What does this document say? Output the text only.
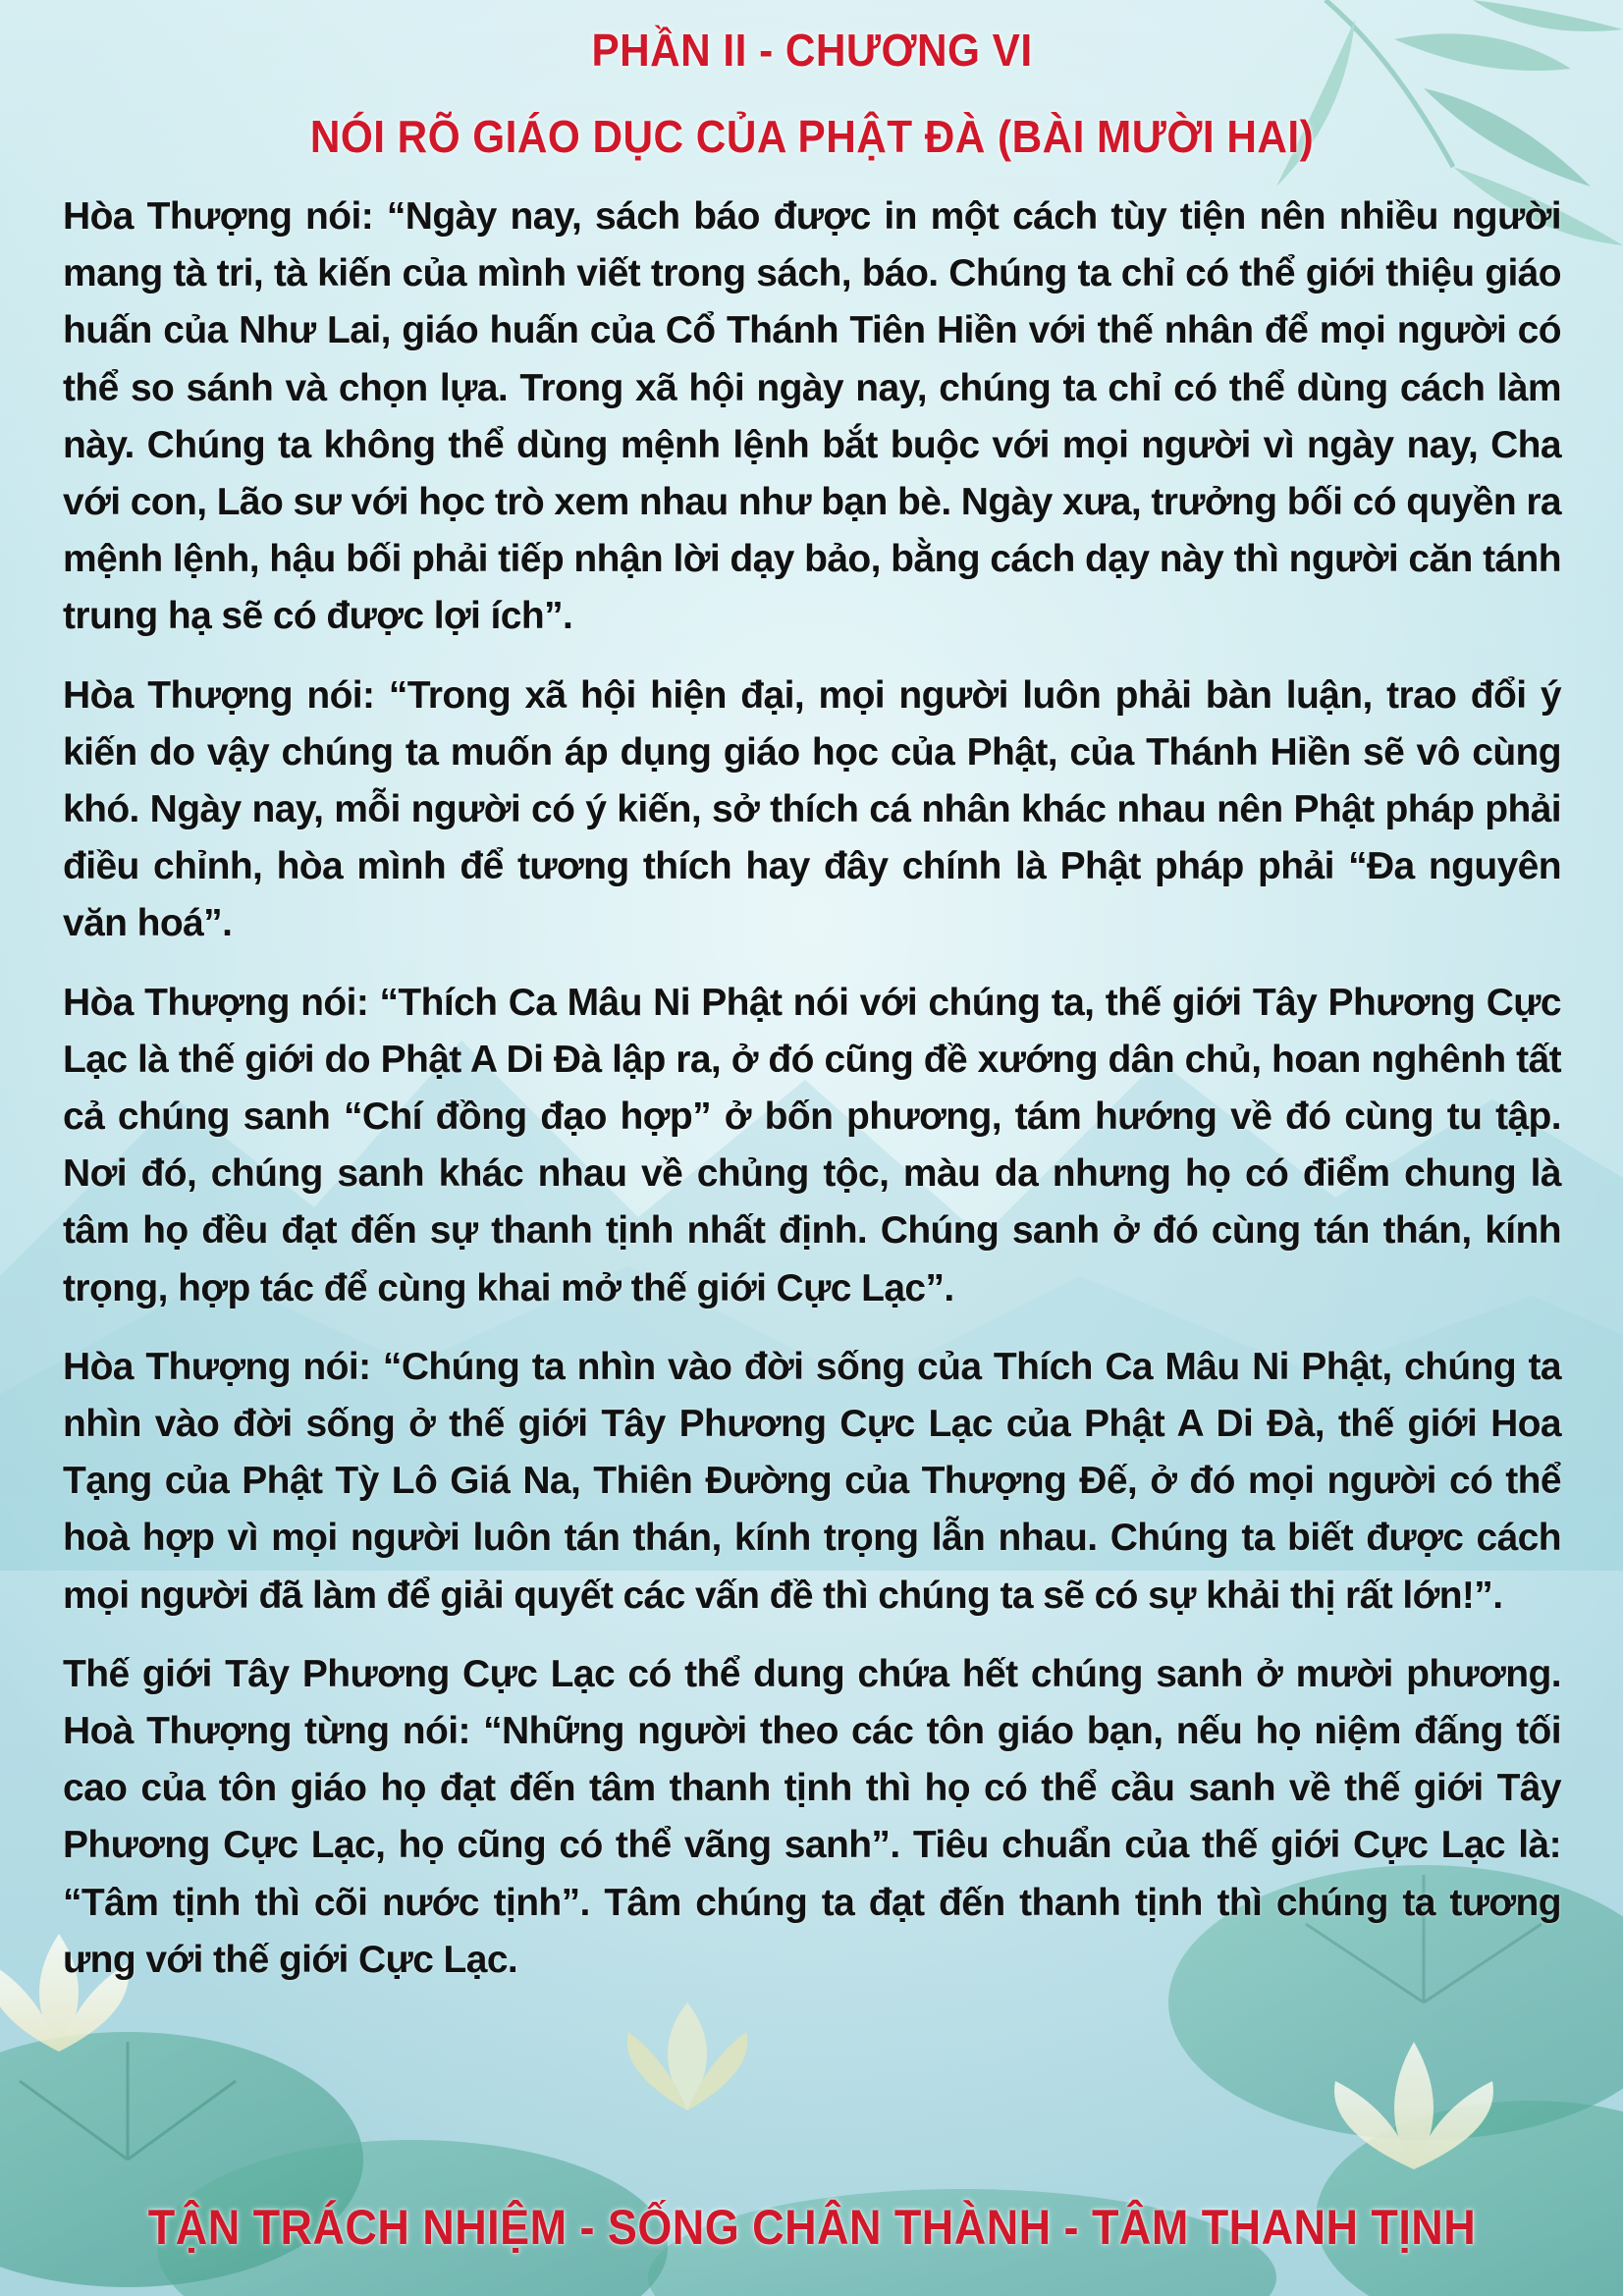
PHẦN II - CHƯƠNG VI
NÓI RÕ GIÁO DỤC CỦA PHẬT ĐÀ (BÀI MƯỜI HAI)

Hòa Thượng nói: “Ngày nay, sách báo được in một cách tùy tiện nên nhiều người mang tà tri, tà kiến của mình viết trong sách, báo. Chúng ta chỉ có thể giới thiệu giáo huấn của Như Lai, giáo huấn của Cổ Thánh Tiên Hiền với thế nhân để mọi người có thể so sánh và chọn lựa. Trong xã hội ngày nay, chúng ta chỉ có thể dùng cách làm này. Chúng ta không thể dùng mệnh lệnh bắt buộc với mọi người vì ngày nay, Cha với con, Lão sư với học trò xem nhau như bạn bè. Ngày xưa, trưởng bối có quyền ra mệnh lệnh, hậu bối phải tiếp nhận lời dạy bảo, bằng cách dạy này thì người căn tánh trung hạ sẽ có được lợi ích”.

Hòa Thượng nói: “Trong xã hội hiện đại, mọi người luôn phải bàn luận, trao đổi ý kiến do vậy chúng ta muốn áp dụng giáo học của Phật, của Thánh Hiền sẽ vô cùng khó. Ngày nay, mỗi người có ý kiến, sở thích cá nhân khác nhau nên Phật pháp phải điều chỉnh, hòa mình để tương thích hay đây chính là Phật pháp phải “Đa nguyên văn hoá”.

Hòa Thượng nói: “Thích Ca Mâu Ni Phật nói với chúng ta, thế giới Tây Phương Cực Lạc là thế giới do Phật A Di Đà lập ra, ở đó cũng đề xướng dân chủ, hoan nghênh tất cả chúng sanh “Chí đồng đạo hợp” ở bốn phương, tám hướng về đó cùng tu tập. Nơi đó, chúng sanh khác nhau về chủng tộc, màu da nhưng họ có điểm chung là tâm họ đều đạt đến sự thanh tịnh nhất định. Chúng sanh ở đó cùng tán thán, kính trọng, hợp tác để cùng khai mở thế giới Cực Lạc”.

Hòa Thượng nói: “Chúng ta nhìn vào đời sống của Thích Ca Mâu Ni Phật, chúng ta nhìn vào đời sống ở thế giới Tây Phương Cực Lạc của Phật A Di Đà, thế giới Hoa Tạng của Phật Tỳ Lô Giá Na, Thiên Đường của Thượng Đế, ở đó mọi người có thể hoà hợp vì mọi người luôn tán thán, kính trọng lẫn nhau. Chúng ta biết được cách mọi người đã làm để giải quyết các vấn đề thì chúng ta sẽ có sự khải thị rất lớn!”.

Thế giới Tây Phương Cực Lạc có thể dung chứa hết chúng sanh ở mười phương. Hoà Thượng từng nói: “Những người theo các tôn giáo bạn, nếu họ niệm đấng tối cao của tôn giáo họ đạt đến tâm thanh tịnh thì họ có thể cầu sanh về thế giới Tây Phương Cực Lạc, họ cũng có thể vãng sanh”. Tiêu chuẩn của thế giới Cực Lạc là: “Tâm tịnh thì cõi nước tịnh”. Tâm chúng ta đạt đến thanh tịnh thì chúng ta tương ưng với thế giới Cực Lạc.

TẬN TRÁCH NHIỆM - SỐNG CHÂN THÀNH - TÂM THANH TỊNH
